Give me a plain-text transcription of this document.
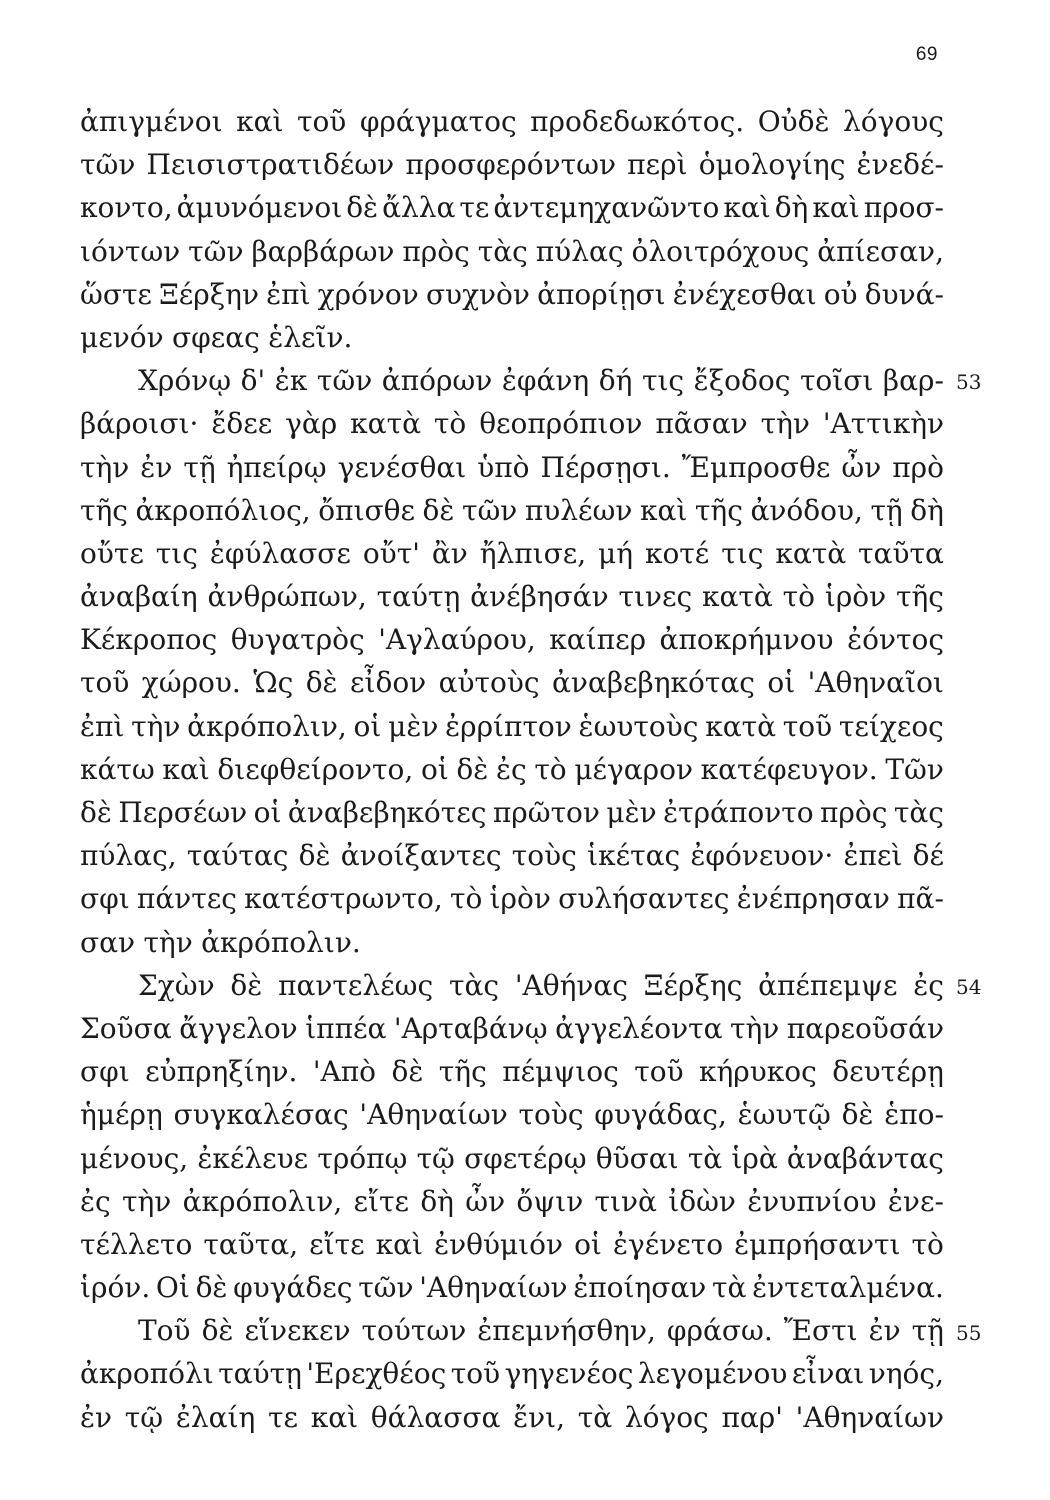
69
ἀπιγμένοι καὶ τοῦ φράγματος προδεδωκότος. Οὐδὲ λόγους
τῶν Πεισιστρατιδέων προσφερόντων περὶ ὁμολογίης ἐνεδέ-
κοντο, ἀμυνόμενοι δὲ ἄλλα τε ἀντεμηχανῶντο καὶ δὴ καὶ προσ-
ιόντων τῶν βαρβάρων πρὸς τὰς πύλας ὀλοιτρόχους ἀπίεσαν,
ὥστε Ξέρξην ἐπὶ χρόνον συχνὸν ἀπορίῃσι ἐνέχεσθαι οὐ δυνά-
μενόν σφεας ἑλεῖν.
Χρόνῳ δ' ἐκ τῶν ἀπόρων ἐφάνη δή τις ἔξοδος τοῖσι βαρ-
βάροισι· ἔδεε γὰρ κατὰ τὸ θεοπρόπιον πᾶσαν τὴν 'Αττικὴν
τὴν ἐν τῇ ἠπείρῳ γενέσθαι ὑπὸ Πέρσῃσι. Ἔμπροσθε ὦν πρὸ
τῆς ἀκροπόλιος, ὄπισθε δὲ τῶν πυλέων καὶ τῆς ἀνόδου, τῇ δὴ
οὔτε τις ἐφύλασσε οὔτ' ἂν ἤλπισε, μή κοτέ τις κατὰ ταῦτα
ἀναβαίη ἀνθρώπων, ταύτῃ ἀνέβησάν τινες κατὰ τὸ ἱρὸν τῆς
Κέκροπος θυγατρὸς 'Αγλαύρου, καίπερ ἀποκρήμνου ἐόντος
τοῦ χώρου. Ὡς δὲ εἶδον αὐτοὺς ἀναβεβηκότας οἱ 'Αθηναῖοι
ἐπὶ τὴν ἀκρόπολιν, οἱ μὲν ἐρρίπτον ἑωυτοὺς κατὰ τοῦ τείχεος
κάτω καὶ διεφθείροντο, οἱ δὲ ἐς τὸ μέγαρον κατέφευγον. Τῶν
δὲ Περσέων οἱ ἀναβεβηκότες πρῶτον μὲν ἐτράποντο πρὸς τὰς
πύλας, ταύτας δὲ ἀνοίξαντες τοὺς ἱκέτας ἐφόνευον· ἐπεὶ δέ
σφι πάντες κατέστρωντο, τὸ ἱρὸν συλήσαντες ἐνέπρησαν πᾶ-
σαν τὴν ἀκρόπολιν.
Σχὼν δὲ παντελέως τὰς 'Αθήνας Ξέρξης ἀπέπεμψε ἐς
Σοῦσα ἄγγελον ἱππέα 'Αρταβάνῳ ἀγγελέοντα τὴν παρεοῦσάν
σφι εὐπρηξίην. 'Απὸ δὲ τῆς πέμψιος τοῦ κήρυκος δευτέρῃ
ἡμέρῃ συγκαλέσας 'Αθηναίων τοὺς φυγάδας, ἑωυτῷ δὲ ἑπο-
μένους, ἐκέλευε τρόπῳ τῷ σφετέρῳ θῦσαι τὰ ἱρὰ ἀναβάντας
ἐς τὴν ἀκρόπολιν, εἴτε δὴ ὦν ὄψιν τινὰ ἰδὼν ἐνυπνίου ἐνε-
τέλλετο ταῦτα, εἴτε καὶ ἐνθύμιόν οἱ ἐγένετο ἐμπρήσαντι τὸ
ἱρόν. Οἱ δὲ φυγάδες τῶν 'Αθηναίων ἐποίησαν τὰ ἐντεταλμένα.
Τοῦ δὲ εἵνεκεν τούτων ἐπεμνήσθην, φράσω. Ἔστι ἐν τῇ
ἀκροπόλι ταύτῃ 'Ερεχθέος τοῦ γηγενέος λεγομένου εἶναι νηός,
ἐν τῷ ἐλαίη τε καὶ θάλασσα ἔνι, τὰ λόγος παρ' 'Αθηναίων
53
54
55
